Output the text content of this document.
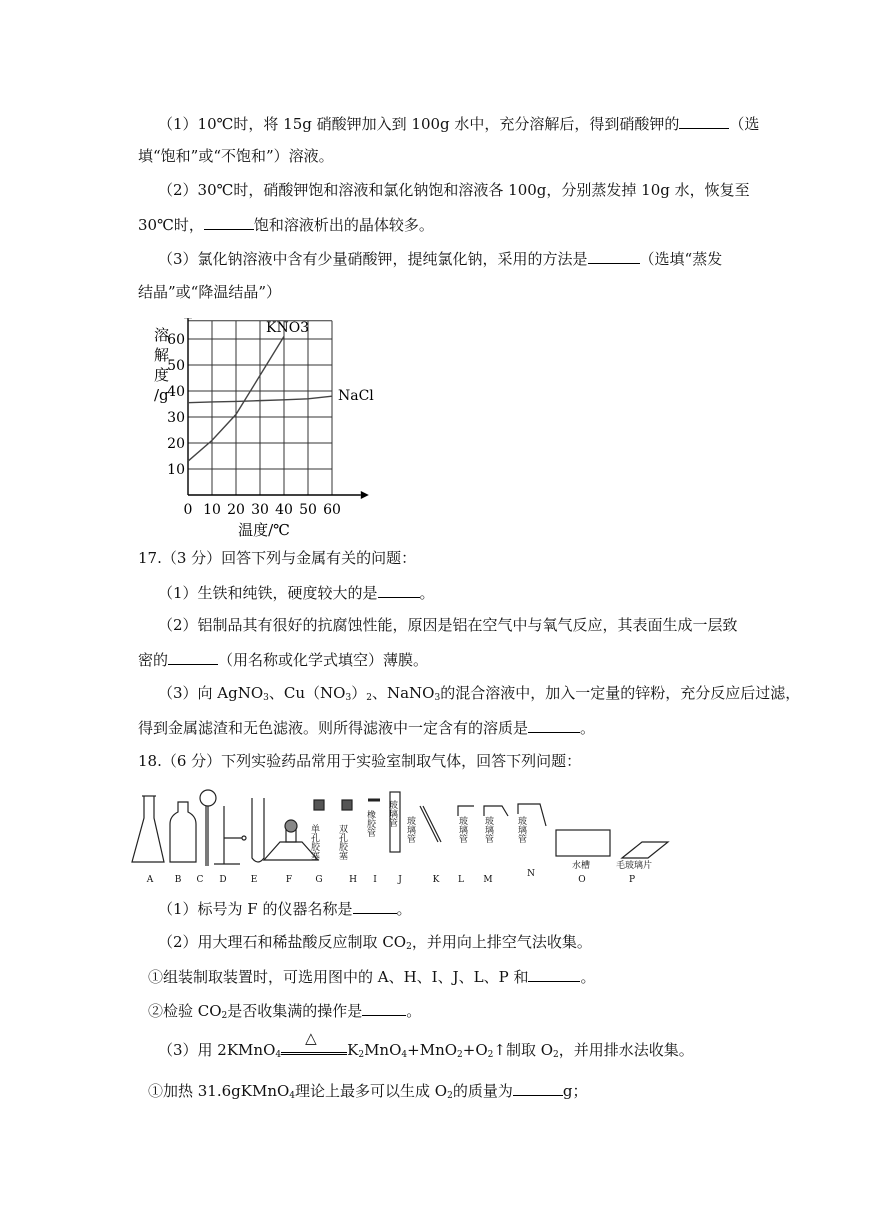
（1）10℃时，将 15g 硝酸钾加入到 100g 水中，充分溶解后，得到硝酸钾的	（选
填“饱和”或“不饱和”）溶液。
（2）30℃时，硝酸钾饱和溶液和氯化钠饱和溶液各 100g，分别蒸发掉 10g 水，恢复至
30℃时，	饱和溶液析出的晶体较多。
（3）氯化钠溶液中含有少量硝酸钾，提纯氯化钠，采用的方法是	（选填“蒸发
结晶”或“降温结晶”）
0 10 20 30 40 50 60
10
20
30
40
50
60
KNO3
NaCl
溶
解
度
/g
温度/℃
17.（3 分）回答下列与金属有关的问题：
（1）生铁和纯铁，硬度较大的是	。
（2）铝制品其有很好的抗腐蚀性能，原因是铝在空气中与氧气反应，其表面生成一层致
密的	（用名称或化学式填空）薄膜。
（3）向 AgNO$_3$、$Cu(NO_3)_2$、NaNO$_3$的混合溶液中，加入一定量的锌粉，充分反应后过滤，
得到金属滤渣和无色滤液。则所得滤液中一定含有的溶质是	。
18.（6 分）下列实验药品常用于实验室制取气体，回答下列问题：
单孔胶塞 双孔胶塞
橡胶管 玻璃管
玻璃管	玻璃管 玻璃管	玻璃管
水槽	毛玻璃片
A B C D	E	F	G	H I J	K L M
N
O	P
（1）标号为 F 的仪器名称是	。
（2）用大理石和稀盐酸反应制取 $CO_2$，并用向上排空气法收集。
①组装制取装置时，可选用图中的 A、H、I、J、L、P 和	。
②检验 $CO_2$是否收集满的操作是	。
（3）用 2KMnO$_4$
△
$K_2MnO_4+MnO_2+O_2↑$制取 $O_2$，并用排水法收集。
①加热 31.6gKMnO$_4$理论上最多可以生成 $O_2$的质量为	g；
